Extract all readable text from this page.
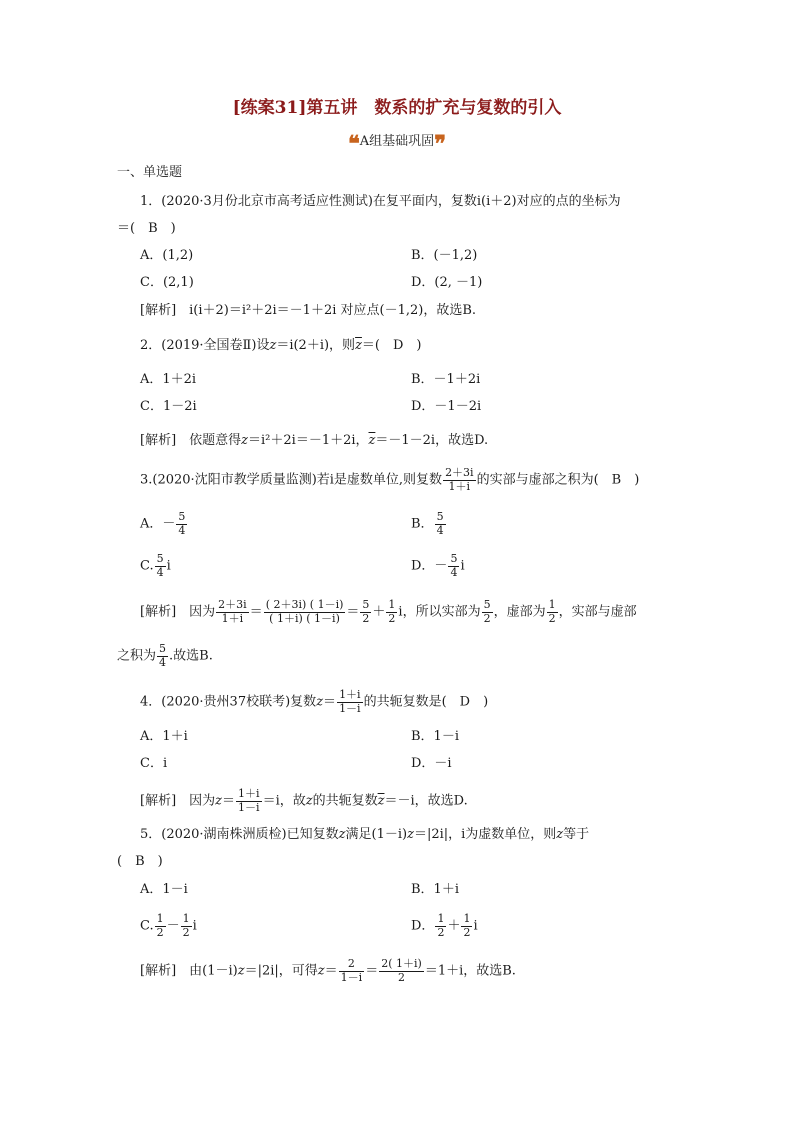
[练案31]第五讲　数系的扩充与复数的引入
❝A组基础巩固❞
一、单选题
1．(2020·3月份北京市高考适应性测试)在复平面内，复数i(i＋2)对应的点的坐标为
＝(　B　)
A．(1,2)	B．(－1,2)
C．(2,1)	D．(2, －1)
[解析]　i(i＋2)＝i²＋2i＝－1＋2i 对应点(－1,2)，故选B.
2．(2019·全国卷Ⅱ)设z＝i(2＋i)，则$\overline{z}=$(　D　)
A．1＋2i	B．－1＋2i
C．1－2i	D．－1－2i
[解析]　依题意得z＝i²＋2i＝－1＋2i，$\overline{z}=-1-2i$，故选D.
3.(2020·沈阳市教学质量监测)若i是虚数单位,则复数 $\frac{2+3i}{1+i}$ 的实部与虚部之积为(　B　)
A．－ $\frac{5}{4}$	B． $\frac{5}{4}$
C. $\frac{5}{4}$ i	D．－ $\frac{5}{4}$ i
[解析]　因为 $\frac{2+3i}{1+i} = \frac{( 2+3i) ( 1-i)}{( 1+i) ( 1-i)} = \frac{5}{2} + \frac{1}{2}$ i，所以实部为 $\frac{5}{2}$ ，虚部为 $\frac{1}{2}$ ，实部与虚部
之积为 $\frac{5}{4}$ .故选B.
4．(2020·贵州37校联考)复数$z= \frac{1+i}{1-i}$ 的共轭复数是(　D　)
A．1＋i	B．1－i
C．i	D．－i
[解析]　因为$z= \frac{1+i}{1-i} =i$，故z的共轭复数$\overline{z}=-i$，故选D.
5．(2020·湖南株洲质检)已知复数z满足(1－i)z＝|2i|，i为虚数单位，则z等于
(　B　)
A．1－i	B．1＋i
C. $\frac{1}{2} - \frac{1}{2}$ i	D． $\frac{1}{2} + \frac{1}{2}$ i
[解析]　由(1－i)z＝|2i|，可得$z= \frac{2}{1-i} = \frac{2( 1+i)}{2} =1+i$，故选B.
